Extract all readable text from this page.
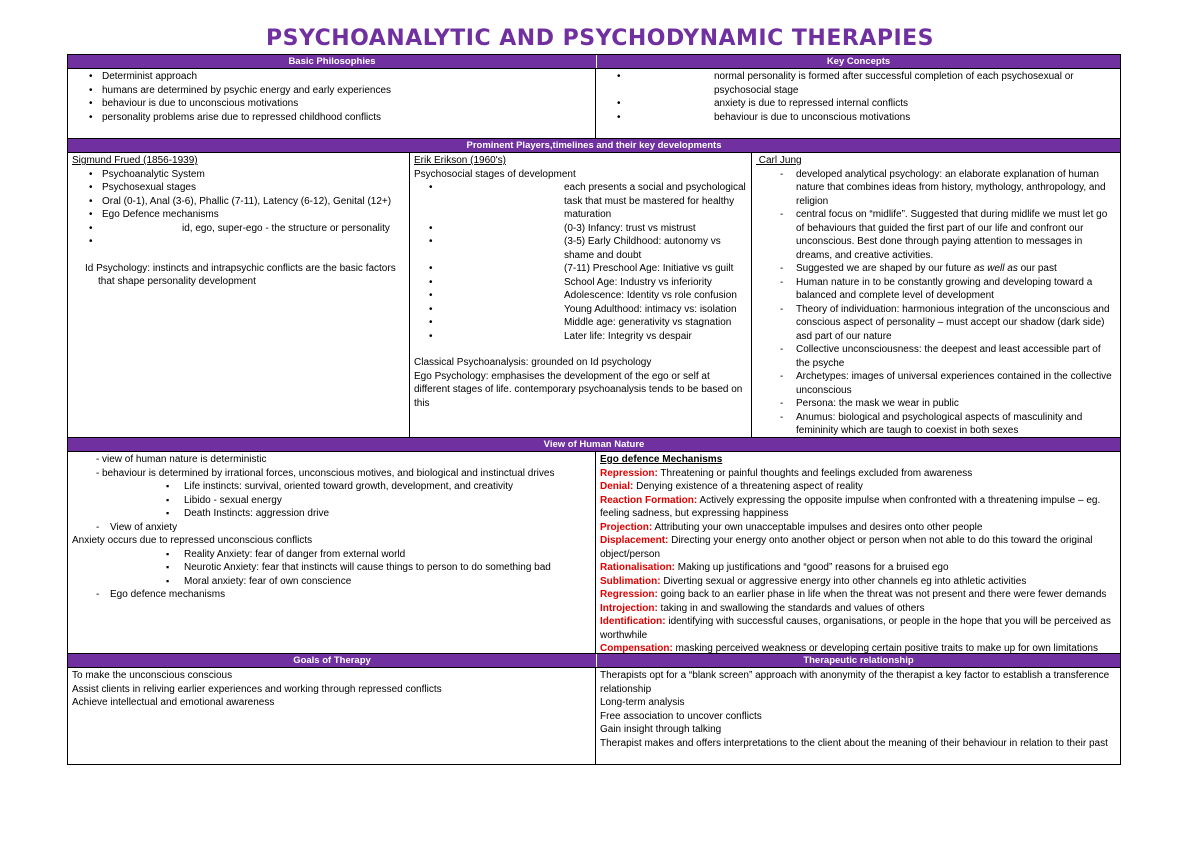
PSYCHOANALYTIC AND PSYCHODYNAMIC THERAPIES
Basic Philosophies	Key Concepts
• Determinist approach
• humans are determined by psychic energy and early experiences
• behaviour is due to unconscious motivations
• personality problems arise due to repressed childhood conflicts
• normal personality is formed after successful completion of each psychosexual or psychosocial stage
• anxiety is due to repressed internal conflicts
• behaviour is due to unconscious motivations
Prominent Players,timelines and their key developments
Sigmund Frued (1856-1939)
• Psychoanalytic System
• Psychosexual stages
• Oral (0-1), Anal (3-6), Phallic (7-11), Latency (6-12), Genital (12+)
• Ego Defence mechanisms
• id, ego, super-ego - the structure or personality
•
Id Psychology: instincts and intrapsychic conflicts are the basic factors that shape personality development
Erik Erikson (1960's)
Psychosocial stages of development
• each presents a social and psychological task that must be mastered for healthy maturation
• (0-3) Infancy: trust vs mistrust
• (3-5) Early Childhood: autonomy vs shame and doubt
• (7-11) Preschool Age: Initiative vs guilt
• School Age: Industry vs inferiority
• Adolescence: Identity vs role confusion
• Young Adulthood: intimacy vs: isolation
• Middle age: generativity vs stagnation
• Later life: Integrity vs despair
Classical Psychoanalysis: grounded on Id psychology
Ego Psychology: emphasises the development of the ego or self at different stages of life. contemporary psychoanalysis tends to be based on this
Carl Jung
- developed analytical psychology: an elaborate explanation of human nature that combines ideas from history, mythology, anthropology, and religion
- central focus on “midlife”. Suggested that during midlife we must let go of behaviours that guided the first part of our life and confront our unconscious. Best done through paying attention to messages in dreams, and creative activities.
- Suggested we are shaped by our future as well as our past
- Human nature in to be constantly growing and developing toward a balanced and complete level of development
- Theory of individuation: harmonious integration of the unconscious and conscious aspect of personality – must accept our shadow (dark side) asd part of our nature
- Collective unconsciousness: the deepest and least accessible part of the psyche
- Archetypes: images of universal experiences contained in the collective unconscious
- Persona: the mask we wear in public
- Anumus: biological and psychological aspects of masculinity and femininity which are taugh to coexist in both sexes
View of Human Nature
- view of human nature is deterministic
- behaviour is determined by irrational forces, unconscious motives, and biological and instinctual drives
▪ Life instincts: survival, oriented toward growth, development, and creativity
▪ Libido - sexual energy
▪ Death Instincts: aggression drive
- View of anxiety
Anxiety occurs due to repressed unconscious conflicts
▪ Reality Anxiety: fear of danger from external world
▪ Neurotic Anxiety: fear that instincts will cause things to person to do something bad
▪ Moral anxiety: fear of own conscience
- Ego defence mechanisms
Ego defence Mechanisms
Repression: Threatening or painful thoughts and feelings excluded from awareness
Denial: Denying existence of a threatening aspect of reality
Reaction Formation: Actively expressing the opposite impulse when confronted with a threatening impulse – eg. feeling sadness, but expressing happiness
Projection: Attributing your own unacceptable impulses and desires onto other people
Displacement: Directing your energy onto another object or person when not able to do this toward the original object/person
Rationalisation: Making up justifications and “good” reasons for a bruised ego
Sublimation: Diverting sexual or aggressive energy into other channels eg into athletic activities
Regression: going back to an earlier phase in life when the threat was not present and there were fewer demands
Introjection: taking in and swallowing the standards and values of others
Identification: identifying with successful causes, organisations, or people in the hope that you will be perceived as worthwhile
Compensation: masking perceived weakness or developing certain positive traits to make up for own limitations
Goals of Therapy	Therapeutic relationship
To make the unconscious conscious
Assist clients in reliving earlier experiences and working through repressed conflicts
Achieve intellectual and emotional awareness
Therapists opt for a “blank screen” approach with anonymity of the therapist a key factor to establish a transference relationship
Long-term analysis
Free association to uncover conflicts
Gain insight through talking
Therapist makes and offers interpretations to the client about the meaning of their behaviour in relation to their past
